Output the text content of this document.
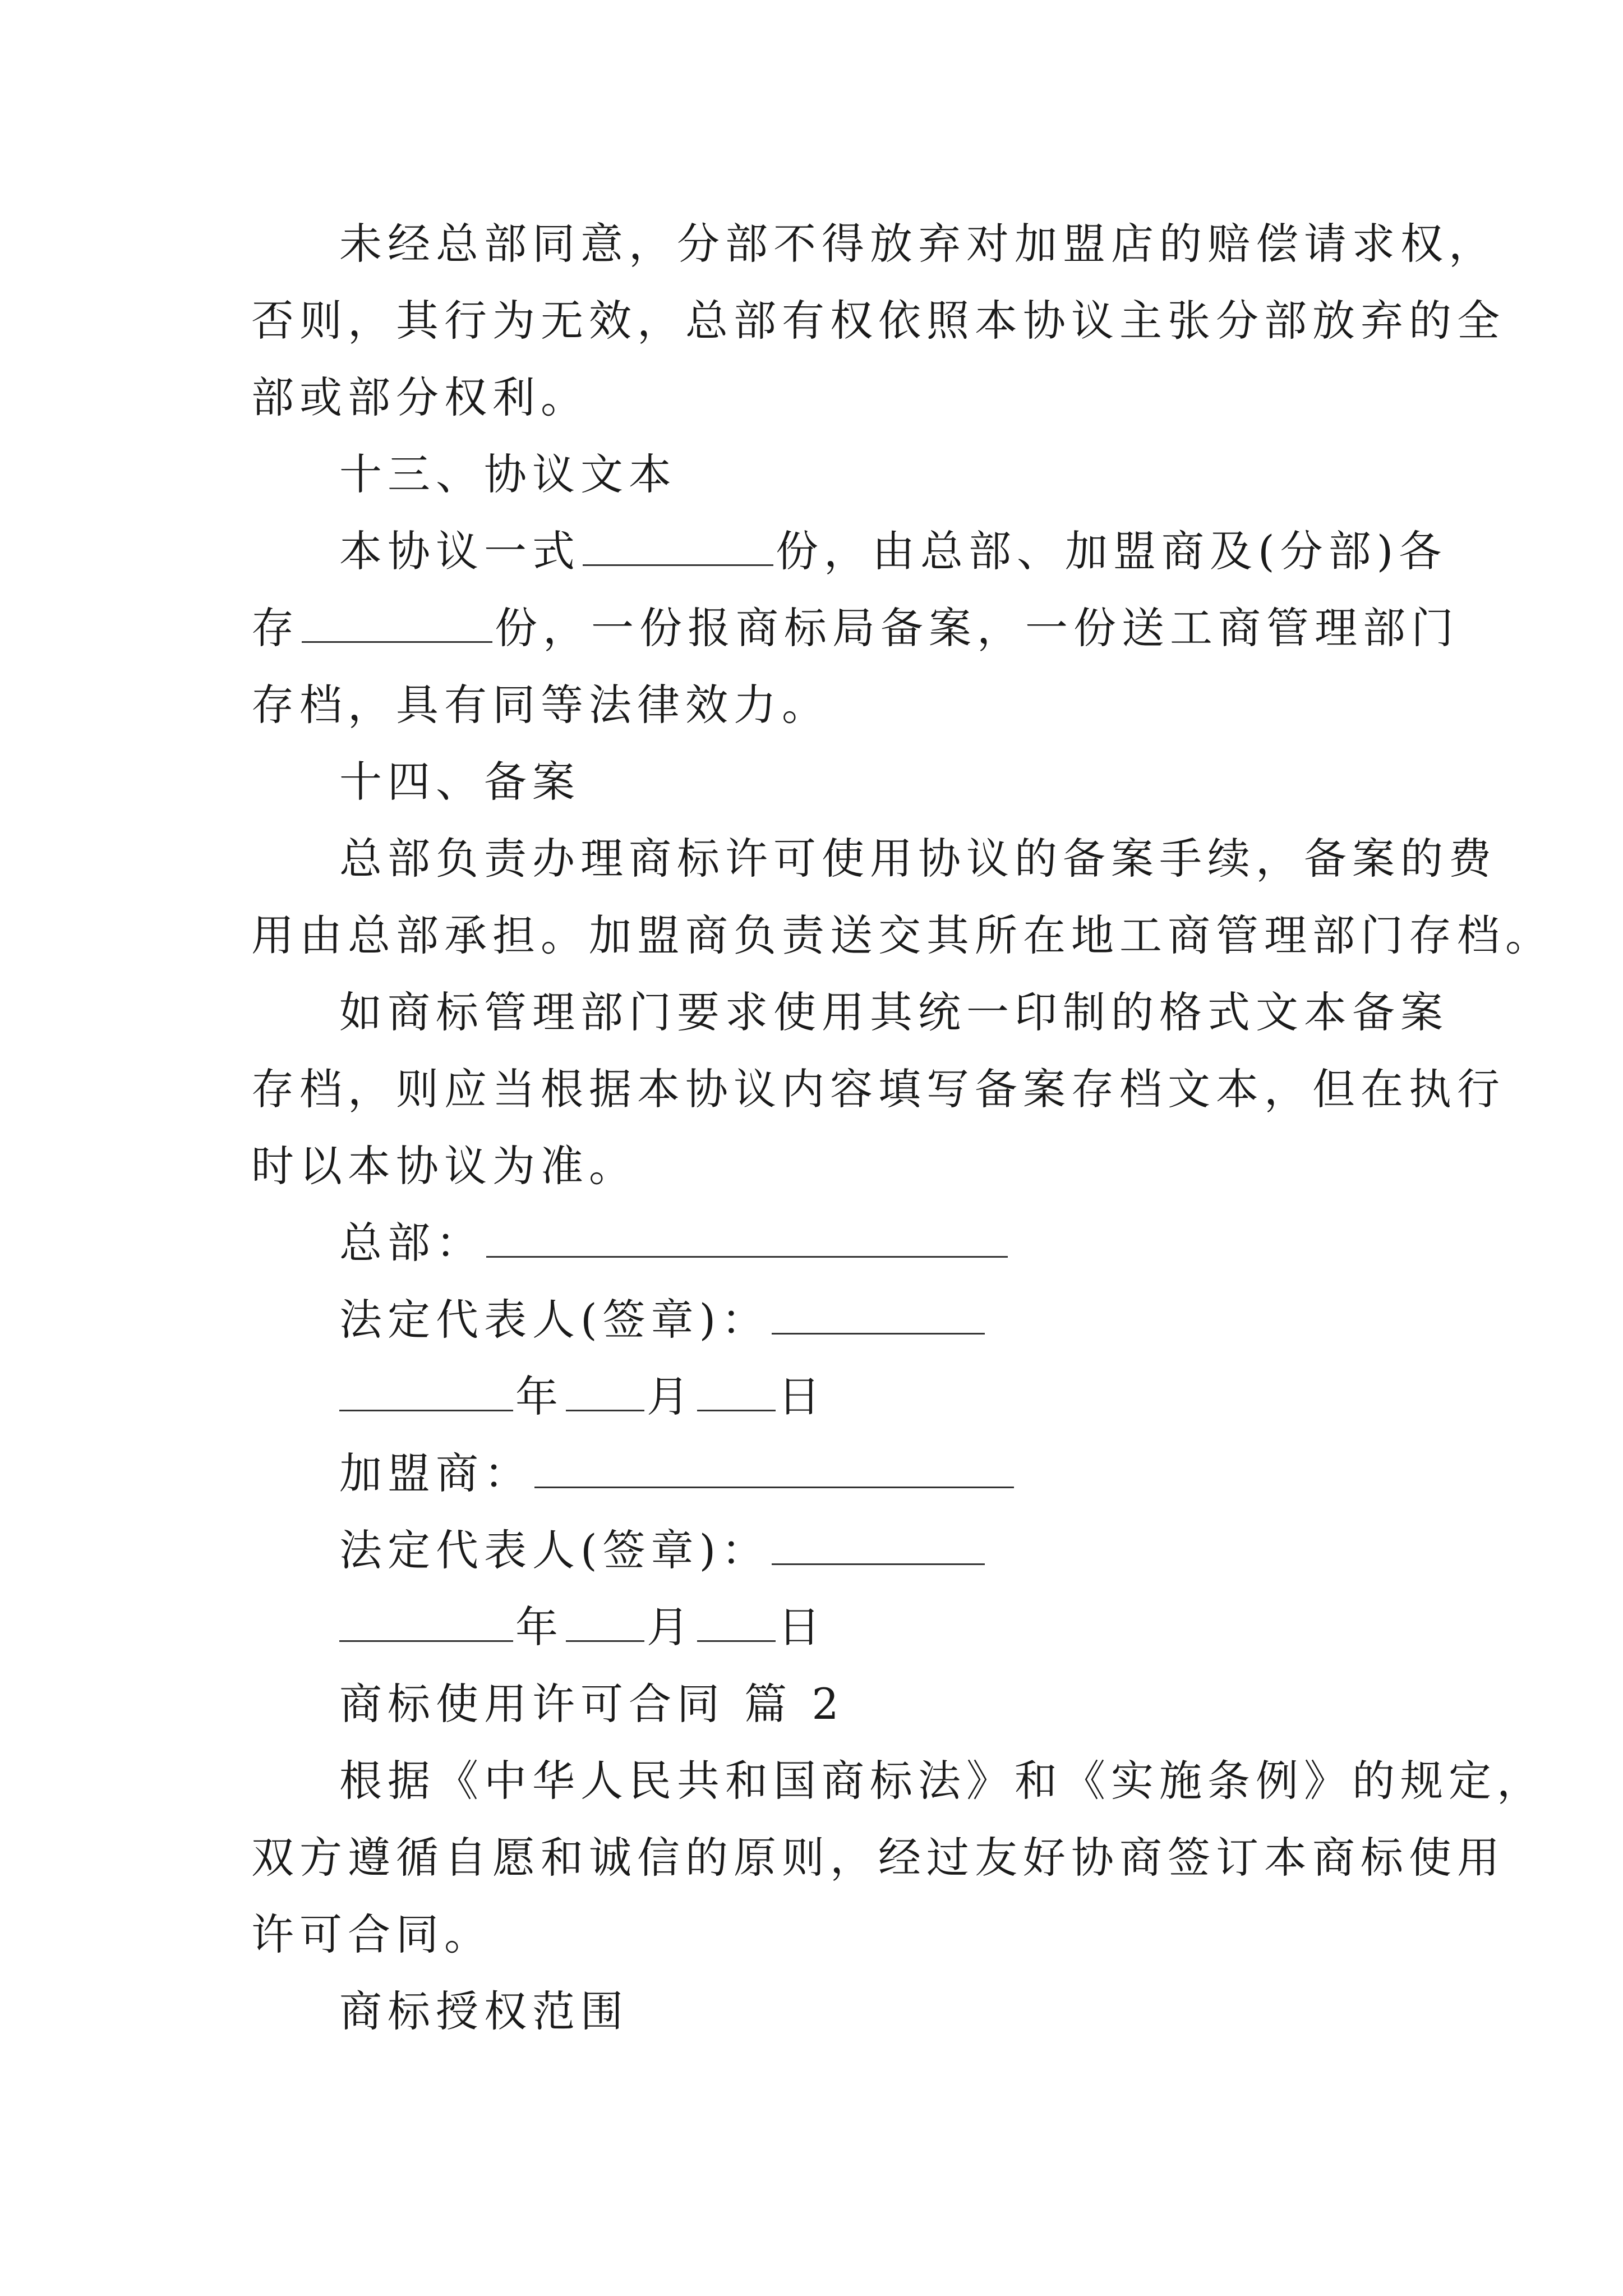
未经总部同意，分部不得放弃对加盟店的赔偿请求权，
否则，其行为无效，总部有权依照本协议主张分部放弃的全
部或部分权利。
十三、协议文本
本协议一式	份，由总部、加盟商及(分部)各
存	份，一份报商标局备案，一份送工商管理部门
存档，具有同等法律效力。
十四、备案
总部负责办理商标许可使用协议的备案手续，备案的费
用由总部承担。加盟商负责送交其所在地工商管理部门存档。
如商标管理部门要求使用其统一印制的格式文本备案
存档，则应当根据本协议内容填写备案存档文本，但在执行
时以本协议为准。
总部：
法定代表人(签章)：
年 月 日
加盟商：
法定代表人(签章)：
年 月 日
商标使用许可合同 篇 2
根据《中华人民共和国商标法》和《实施条例》的规定，
双方遵循自愿和诚信的原则，经过友好协商签订本商标使用
许可合同。
商标授权范围
